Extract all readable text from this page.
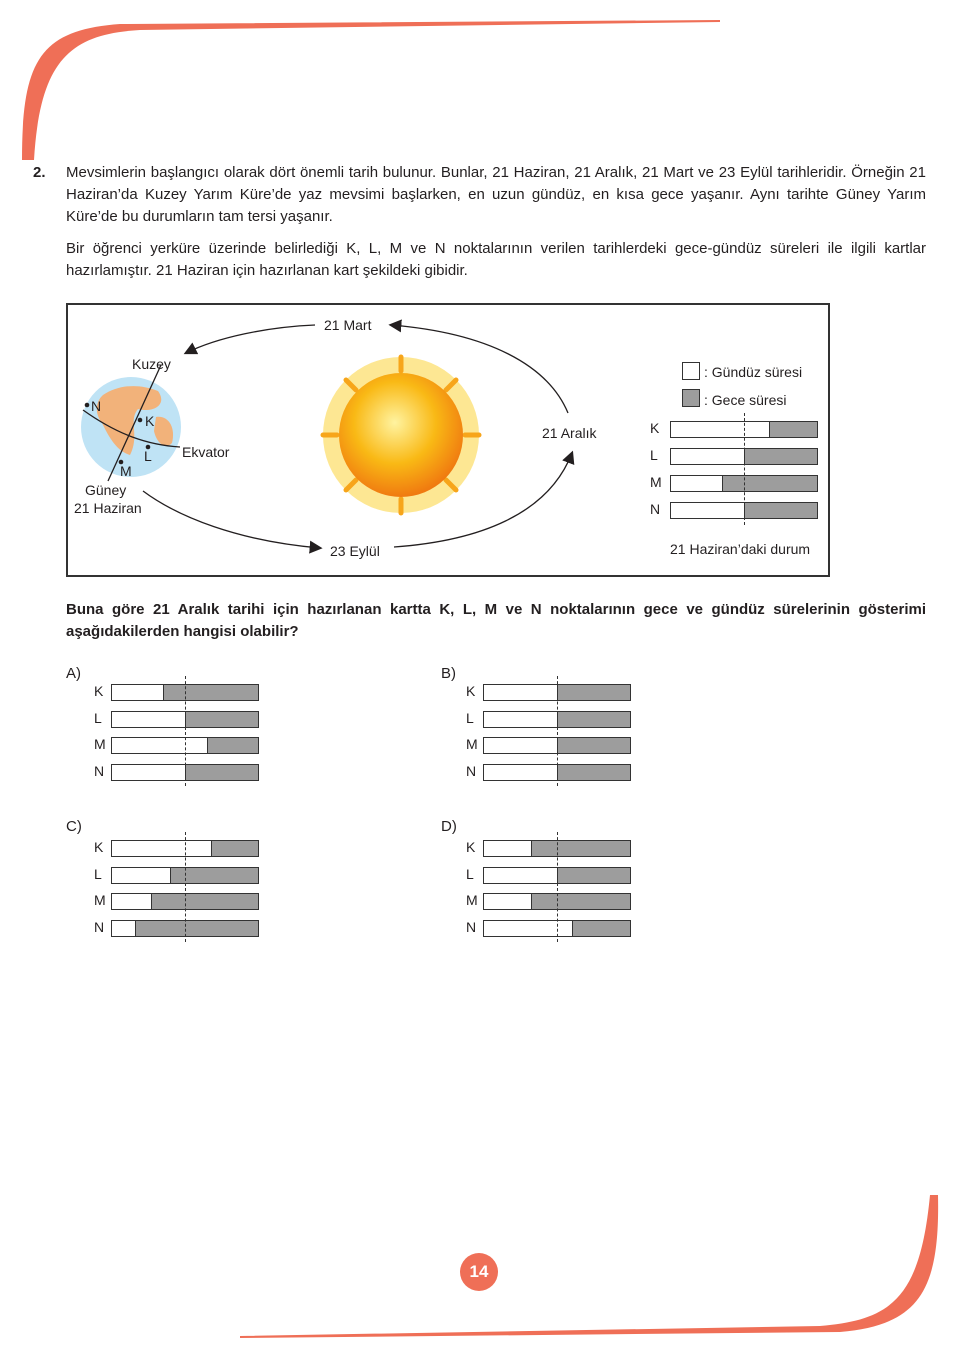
2. Mevsimlerin başlangıcı olarak dört önemli tarih bulunur. Bunlar, 21 Haziran, 21 Aralık, 21 Mart ve 23 Eylül tarihleridir. Örneğin 21 Haziran’da Kuzey Yarım Küre’de yaz mevsimi başlarken, en uzun gündüz, en kısa gece yaşanır. Aynı tarihte Güney Yarım Küre’de bu durumların tam tersi yaşanır.
Bir öğrenci yerküre üzerinde belirlediği K, L, M ve N noktalarının verilen tarihlerdeki gece-gündüz süreleri ile ilgili kartlar hazırlamıştır. 21 Haziran için hazırlanan kart şekildeki gibidir.
21 Mart
21 Aralık
23 Eylül
21 Haziran
Kuzey
Güney
Ekvator
N
K
L
M
: Gündüz süresi
: Gece süresi
K
L
M
N
21 Haziran’daki durum
Buna göre 21 Aralık tarihi için hazırlanan kartta K, L, M ve N noktalarının gece ve gündüz sürelerinin gösterimi aşağıdakilerden hangisi olabilir?
A)
K
L
M
N
B)
K
L
M
N
C)
K
L
M
N
D)
K
L
M
N
14
